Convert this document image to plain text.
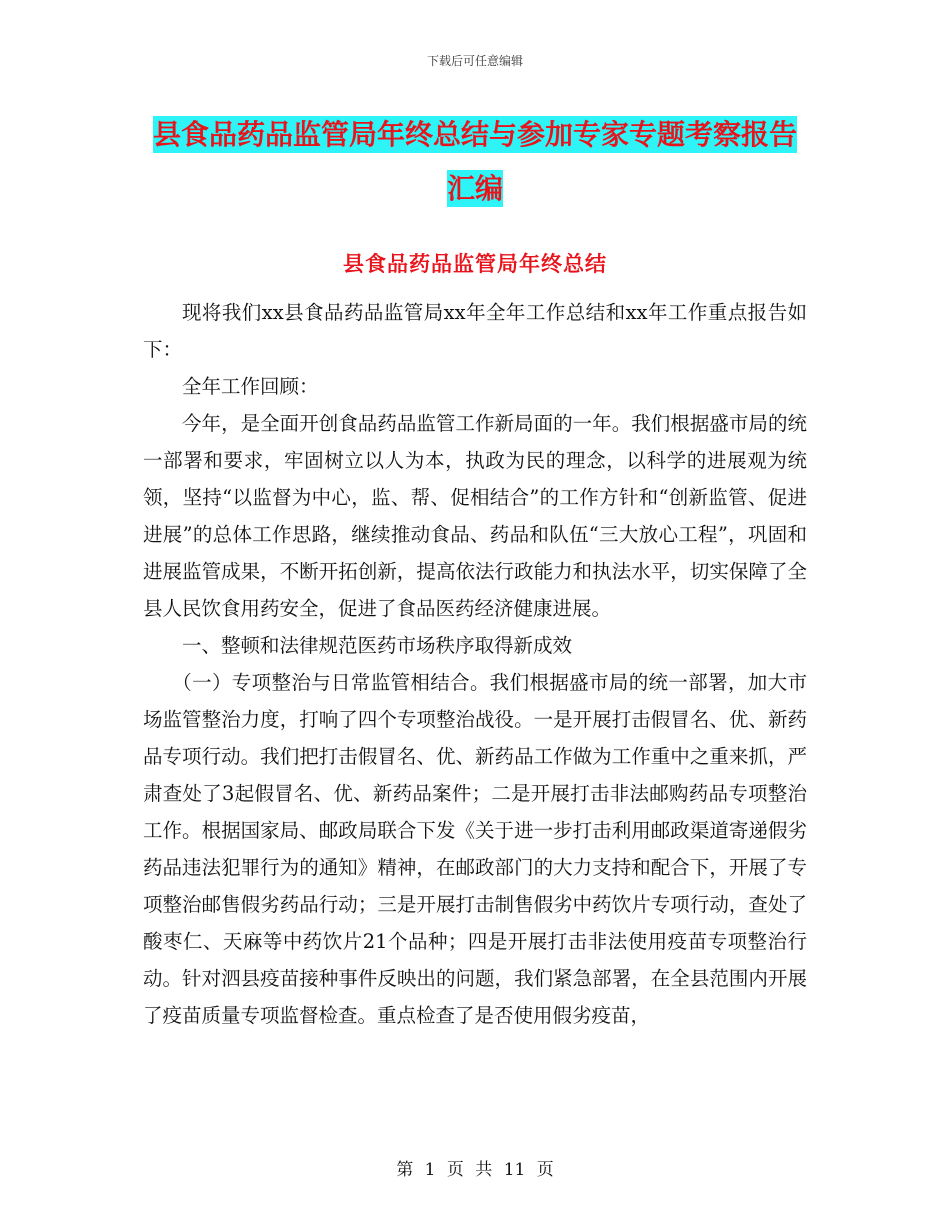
下载后可任意编辑
县食品药品监管局年终总结与参加专家专题考察报告
汇编
县食品药品监管局年终总结

现将我们xx县食品药品监管局xx年全年工作总结和xx年工作重点报告如下：

全年工作回顾：

今年，是全面开创食品药品监管工作新局面的一年。我们根据盛市局的统一部署和要求，牢固树立以人为本，执政为民的理念，以科学的进展观为统领，坚持“以监督为中心，监、帮、促相结合”的工作方针和“创新监管、促进进展”的总体工作思路，继续推动食品、药品和队伍“三大放心工程”，巩固和进展监管成果，不断开拓创新，提高依法行政能力和执法水平，切实保障了全县人民饮食用药安全，促进了食品医药经济健康进展。

一、整顿和法律规范医药市场秩序取得新成效

（一）专项整治与日常监管相结合。我们根据盛市局的统一部署，加大市场监管整治力度，打响了四个专项整治战役。一是开展打击假冒名、优、新药品专项行动。我们把打击假冒名、优、新药品工作做为工作重中之重来抓，严肃查处了3起假冒名、优、新药品案件；二是开展打击非法邮购药品专项整治工作。根据国家局、邮政局联合下发《关于进一步打击利用邮政渠道寄递假劣药品违法犯罪行为的通知》精神，在邮政部门的大力支持和配合下，开展了专项整治邮售假劣药品行动；三是开展打击制售假劣中药饮片专项行动，查处了酸枣仁、天麻等中药饮片21个品种；四是开展打击非法使用疫苗专项整治行动。针对泗县疫苗接种事件反映出的问题，我们紧急部署，在全县范围内开展了疫苗质量专项监督检查。重点检查了是否使用假劣疫苗，

第 1 页 共 11 页
